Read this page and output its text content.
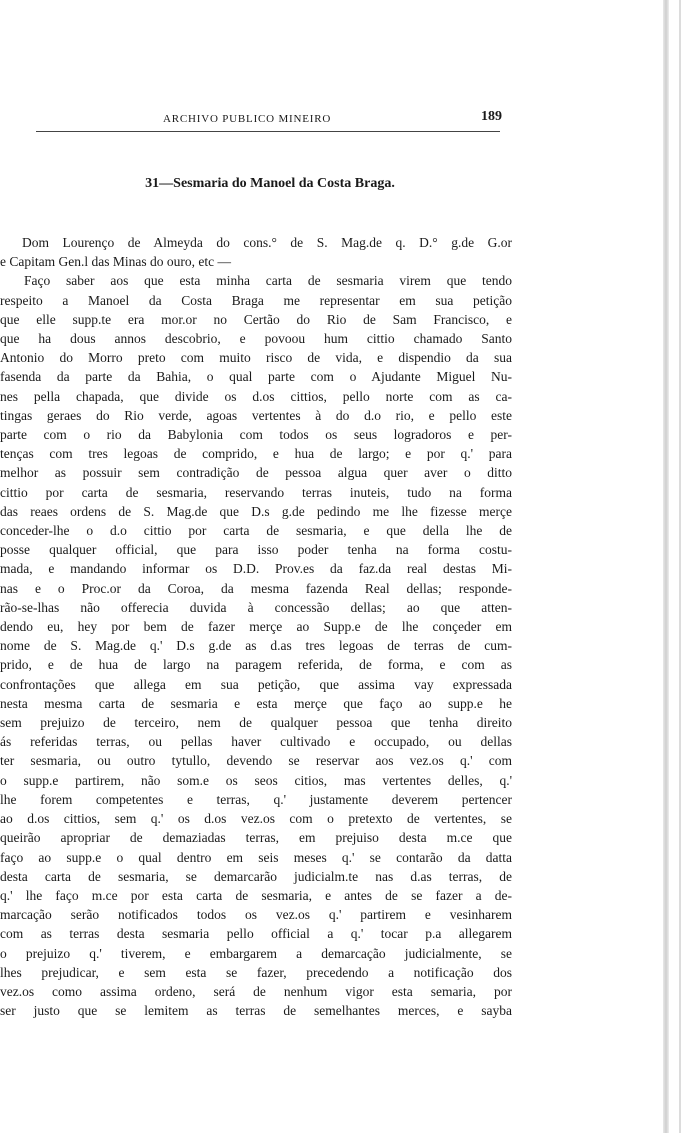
ARCHIVO PUBLICO MINEIRO	189
31—Sesmaria do Manoel da Costa Braga.
Dom Lourenço de Almeyda do cons.° de S. Mag.de q. D.° g.de G.or
e Capitam Gen.l das Minas do ouro, etc —
Faço saber aos que esta minha carta de sesmaria virem que tendo
respeito a Manoel da Costa Braga me representar em sua petição
que elle supp.te era mor.or no Certão do Rio de Sam Francisco, e
que ha dous annos descobrio, e povoou hum cittio chamado Santo
Antonio do Morro preto com muito risco de vida, e dispendio da sua
fasenda da parte da Bahia, o qual parte com o Ajudante Miguel Nu-
nes pella chapada, que divide os d.os cittios, pello norte com as ca-
tingas geraes do Rio verde, agoas vertentes à do d.o rio, e pello este
parte com o rio da Babylonia com todos os seus logradoros e per-
tenças com tres legoas de comprido, e hua de largo; e por q.' para
melhor as possuir sem contradição de pessoa algua quer aver o ditto
cittio por carta de sesmaria, reservando terras inuteis, tudo na forma
das reaes ordens de S. Mag.de que D.s g.de pedindo me lhe fizesse merçe
conceder-lhe o d.o cittio por carta de sesmaria, e que della lhe de
posse qualquer official, que para isso poder tenha na forma costu-
mada, e mandando informar os D.D. Prov.es da faz.da real destas Mi-
nas e o Proc.or da Coroa, da mesma fazenda Real dellas; responde-
rão-se-lhas não offerecia duvida à concessão dellas; ao que atten-
dendo eu, hey por bem de fazer merçe ao Supp.e de lhe conçeder em
nome de S. Mag.de q.' D.s g.de as d.as tres legoas de terras de cum-
prido, e de hua de largo na paragem referida, de forma, e com as
confrontações que allega em sua petição, que assima vay expressada
nesta mesma carta de sesmaria e esta merçe que faço ao supp.e he
sem prejuizo de terceiro, nem de qualquer pessoa que tenha direito
ás referidas terras, ou pellas haver cultivado e occupado, ou dellas
ter sesmaria, ou outro tytullo, devendo se reservar aos vez.os q.' com
o supp.e partirem, não som.e os seos citios, mas vertentes delles, q.'
lhe forem competentes e terras, q.' justamente deverem pertencer
ao d.os cittios, sem q.' os d.os vez.os com o pretexto de vertentes, se
queirão apropriar de demaziadas terras, em prejuiso desta m.ce que
faço ao supp.e o qual dentro em seis meses q.' se contarão da datta
desta carta de sesmaria, se demarcarão judicialm.te nas d.as terras, de
q.' lhe faço m.ce por esta carta de sesmaria, e antes de se fazer a de-
marcação serão notificados todos os vez.os q.' partirem e vesinharem
com as terras desta sesmaria pello official a q.' tocar p.a allegarem
o prejuizo q.' tiverem, e embargarem a demarcação judicialmente, se
lhes prejudicar, e sem esta se fazer, precedendo a notificação dos
vez.os como assima ordeno, será de nenhum vigor esta semaria, por
ser justo que se lemitem as terras de semelhantes merces, e sayba
